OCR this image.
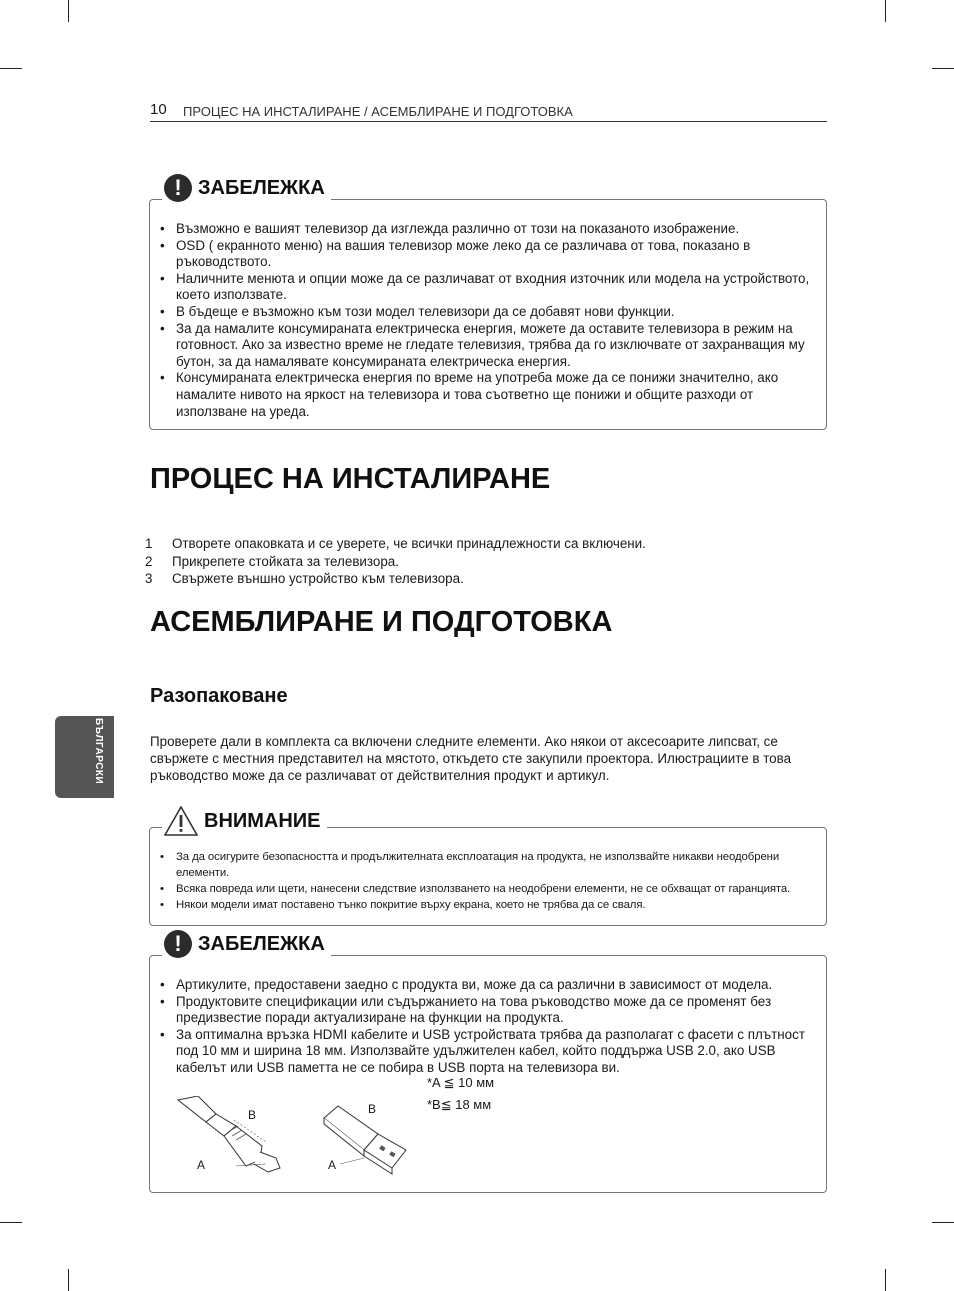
10 ПРОЦЕС НА ИНСТАЛИРАНЕ / АСЕМБЛИРАНЕ И ПОДГОТОВКА
БЪЛГАРСКИ
! ЗАБЕЛЕЖКА
• Възможно е вашият телевизор да изглежда различно от този на показаното изображение.
• OSD ( екранното меню) на вашия телевизор може леко да се различава от това, показано в ръководството.
• Наличните менюта и опции може да се различават от входния източник или модела на устройството, което използвате.
• В бъдеще е възможно към този модел телевизори да се добавят нови функции.
• За да намалите консумираната електрическа енергия, можете да оставите телевизора в режим на готовност. Ако за известно време не гледате телевизия, трябва да го изключвате от захранващия му бутон, за да намалявате консумираната електрическа енергия.
• Консумираната електрическа енергия по време на употреба може да се понижи значително, ако намалите нивото на яркост на телевизора и това съответно ще понижи и общите разходи от използване на уреда.
ПРОЦЕС НА ИНСТАЛИРАНЕ
1	Отворете опаковката и се уверете, че всички принадлежности са включени.
2	Прикрепете стойката за телевизора.
3	Свържете външно устройство към телевизора.
АСЕМБЛИРАНЕ И ПОДГОТОВКА
Разопаковане
Проверете дали в комплекта са включени следните елементи. Ако някои от аксесоарите липсват, се свържете с местния представител на мястото, откъдето сте закупили проектора. Илюстрациите в това ръководство може да се различават от действителния продукт и артикул.
ВНИМАНИЕ
• За да осигурите безопасността и продължителната експлоатация на продукта, не използвайте никакви неодобрени елементи.
• Всяка повреда или щети, нанесени следствие използването на неодобрени елементи, не се обхващат от гаранцията.
• Някои модели имат поставено тънко покритие върху екрана, което не трябва да се сваля.
! ЗАБЕЛЕЖКА
• Артикулите, предоставени заедно с продукта ви, може да са различни в зависимост от модела.
• Продуктовите спецификации или съдържанието на това ръководство може да се променят без предизвестие поради актуализиране на функции на продукта.
• За оптимална връзка HDMI кабелите и USB устройствата трябва да разполагат с фасети с плътност под 10 мм и ширина 18 мм. Използвайте удължителен кабел, който поддържа USB 2.0, ако USB кабелът или USB паметта не се побира в USB порта на телевизора ви.
B
A
B
A
*A ≦ 10 мм
*B≦ 18 мм
